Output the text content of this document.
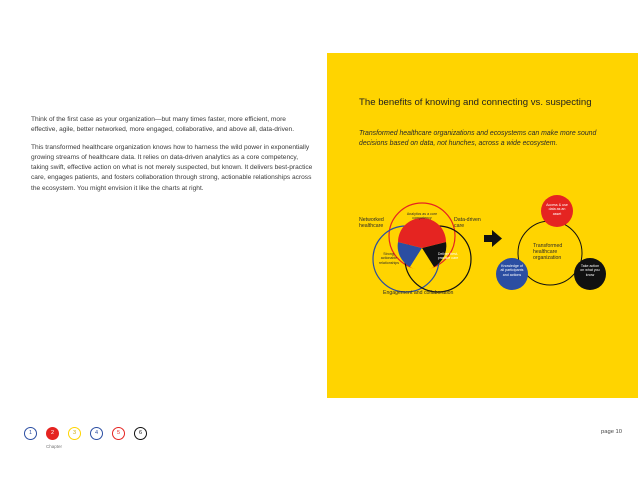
Think of the first case as your organization—but many times faster, more efficient, more effective, agile, better networked, more engaged, collaborative, and above all, data-driven.

This transformed healthcare organization knows how to harness the wild power in exponentially growing streams of healthcare data. It relies on data-driven analytics as a core competency, taking swift, effective action on what is not merely suspected, but known. It delivers best-practice care, engages patients, and fosters collaboration through strong, actionable relationships across the ecosystem. You might envision it like the charts at right.

The benefits of knowing and connecting vs. suspecting
Transformed healthcare organizations and ecosystems can make more sound decisions based on data, not hunches, across a wide ecosystem.
Networked healthcare
Data-driven care
Analytics as a core competency
Strong, actionable relationships
Deliver best-practice care
Engagement and collaboration
Transformed healthcare organization
Access & use data as an asset
Knowledge of all participants and actions
Take action on what you know
1	2	3	4	5	6
Chapter
page 10
